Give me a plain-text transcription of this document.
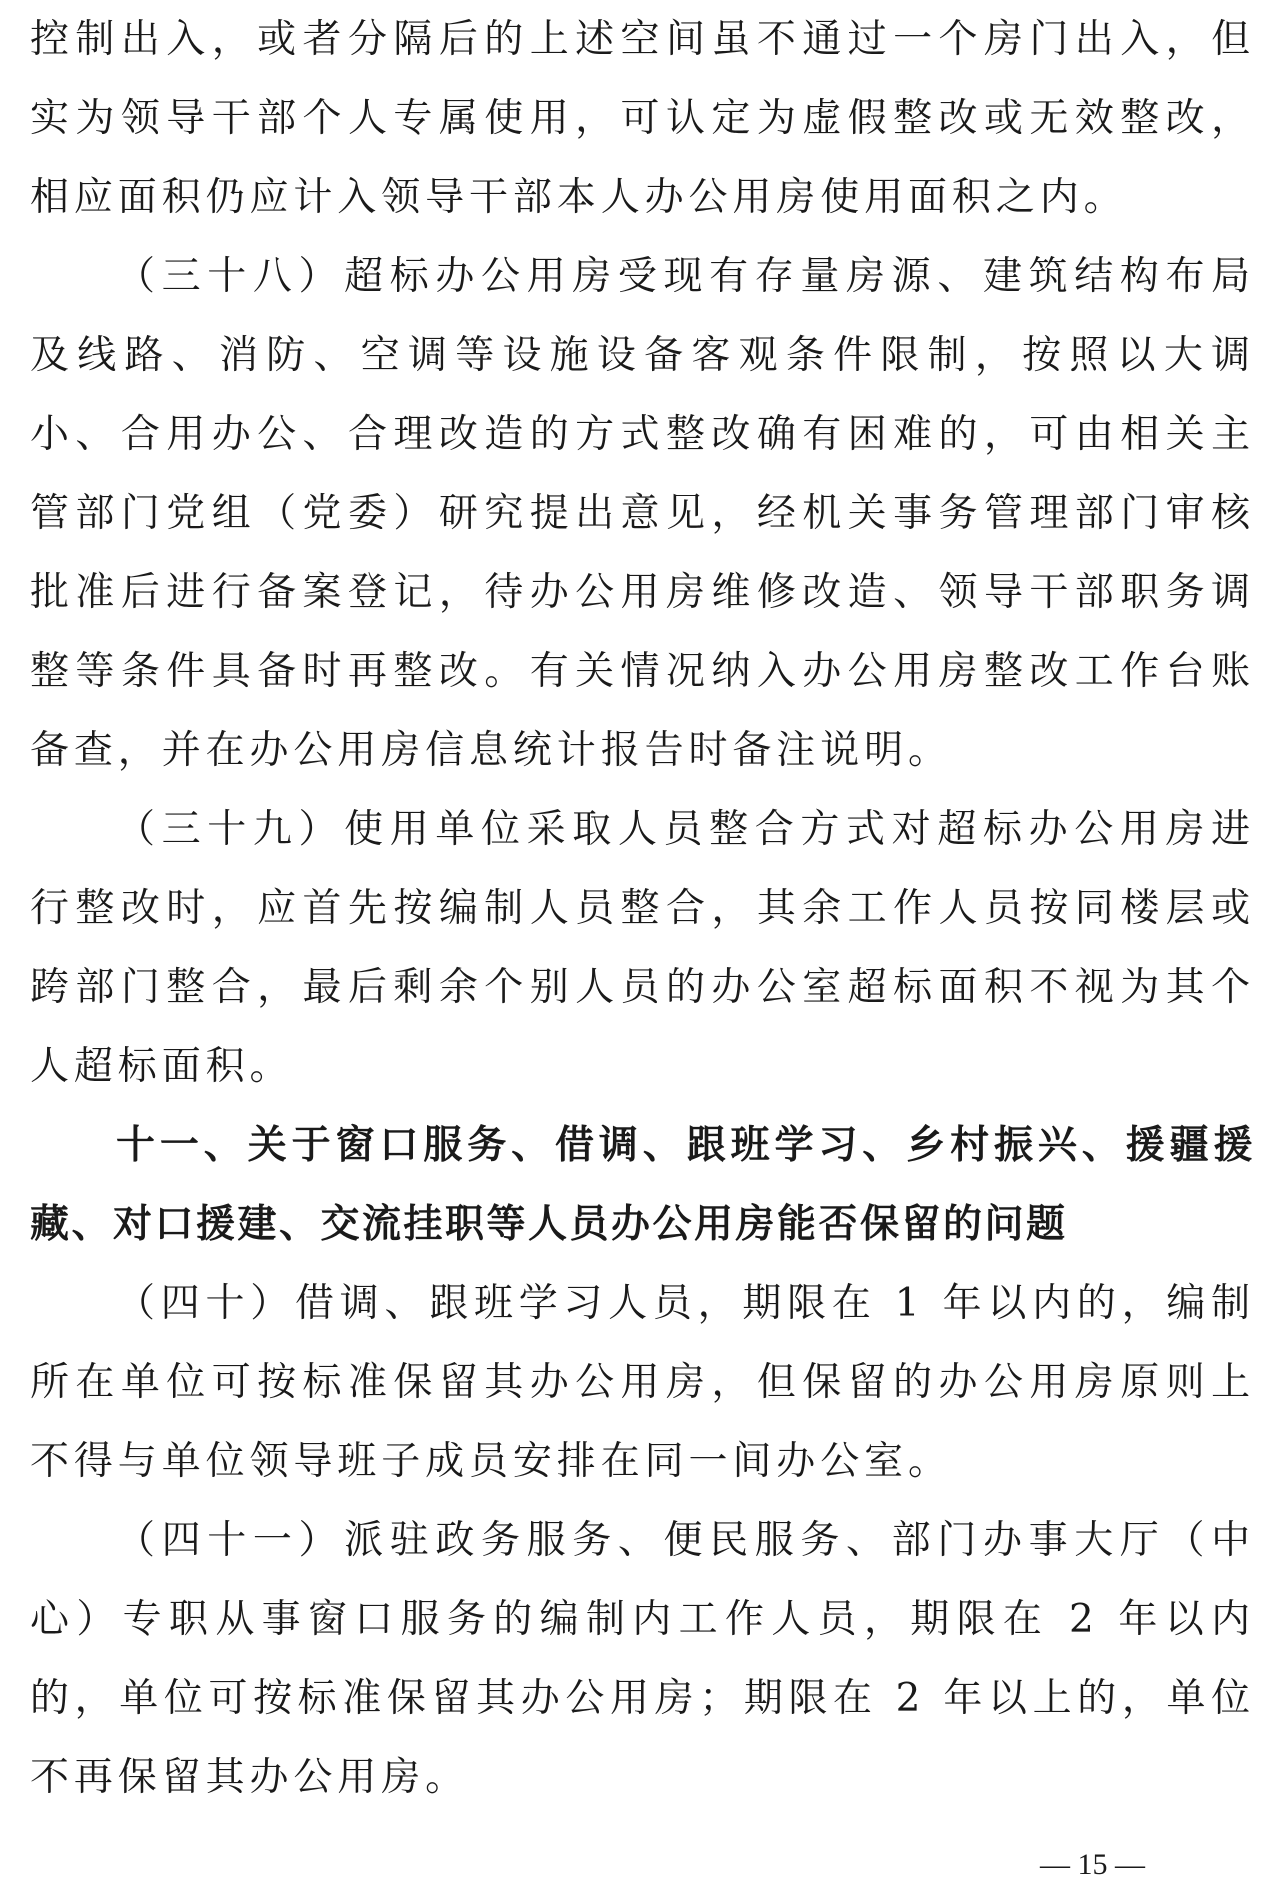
控制出入，或者分隔后的上述空间虽不通过一个房门出入，但实为领导干部个人专属使用，可认定为虚假整改或无效整改，相应面积仍应计入领导干部本人办公用房使用面积之内。

（三十八）超标办公用房受现有存量房源、建筑结构布局及线路、消防、空调等设施设备客观条件限制，按照以大调小、合用办公、合理改造的方式整改确有困难的，可由相关主管部门党组（党委）研究提出意见，经机关事务管理部门审核批准后进行备案登记，待办公用房维修改造、领导干部职务调整等条件具备时再整改。有关情况纳入办公用房整改工作台账备查，并在办公用房信息统计报告时备注说明。

（三十九）使用单位采取人员整合方式对超标办公用房进行整改时，应首先按编制人员整合，其余工作人员按同楼层或跨部门整合，最后剩余个别人员的办公室超标面积不视为其个人超标面积。

十一、关于窗口服务、借调、跟班学习、乡村振兴、援疆援藏、对口援建、交流挂职等人员办公用房能否保留的问题

（四十）借调、跟班学习人员，期限在 1 年以内的，编制所在单位可按标准保留其办公用房，但保留的办公用房原则上不得与单位领导班子成员安排在同一间办公室。

（四十一）派驻政务服务、便民服务、部门办事大厅（中心）专职从事窗口服务的编制内工作人员，期限在 2 年以内的，单位可按标准保留其办公用房；期限在 2 年以上的，单位不再保留其办公用房。

— 15 —
